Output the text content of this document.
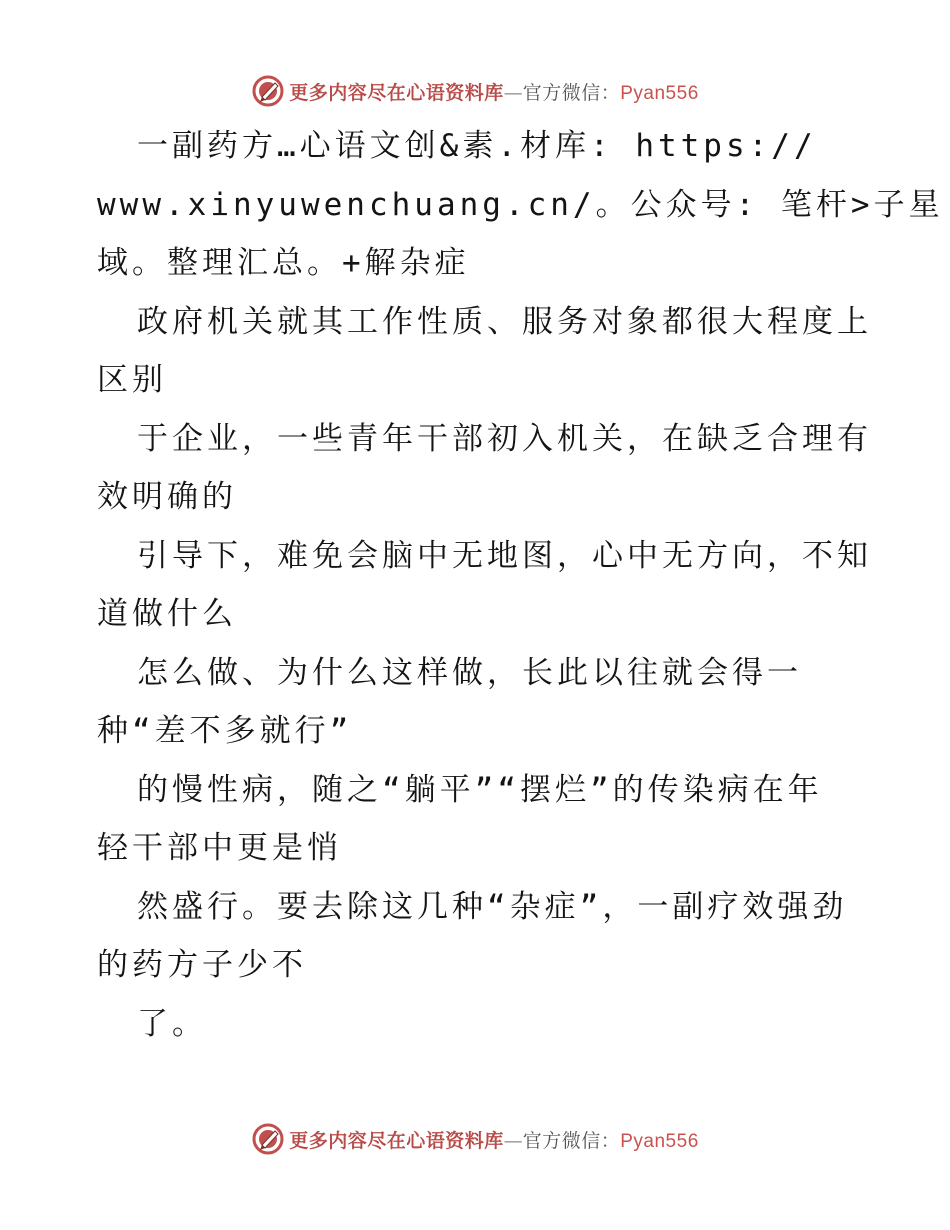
更多内容尽在心语资料库—官方微信：Pyan556
一副药方…心语文创&素.材库: https://
www.xinyuwenchuang.cn/。公众号: 笔杆>子星
域。整理汇总。+解杂症
政府机关就其工作性质、服务对象都很大程度上
区别
于企业，一些青年干部初入机关，在缺乏合理有
效明确的
引导下，难免会脑中无地图，心中无方向，不知
道做什么
怎么做、为什么这样做，长此以往就会得一
种“差不多就行”
的慢性病，随之“躺平”“摆烂”的传染病在年
轻干部中更是悄
然盛行。要去除这几种“杂症”，一副疗效强劲
的药方子少不
了。
更多内容尽在心语资料库—官方微信：Pyan556
